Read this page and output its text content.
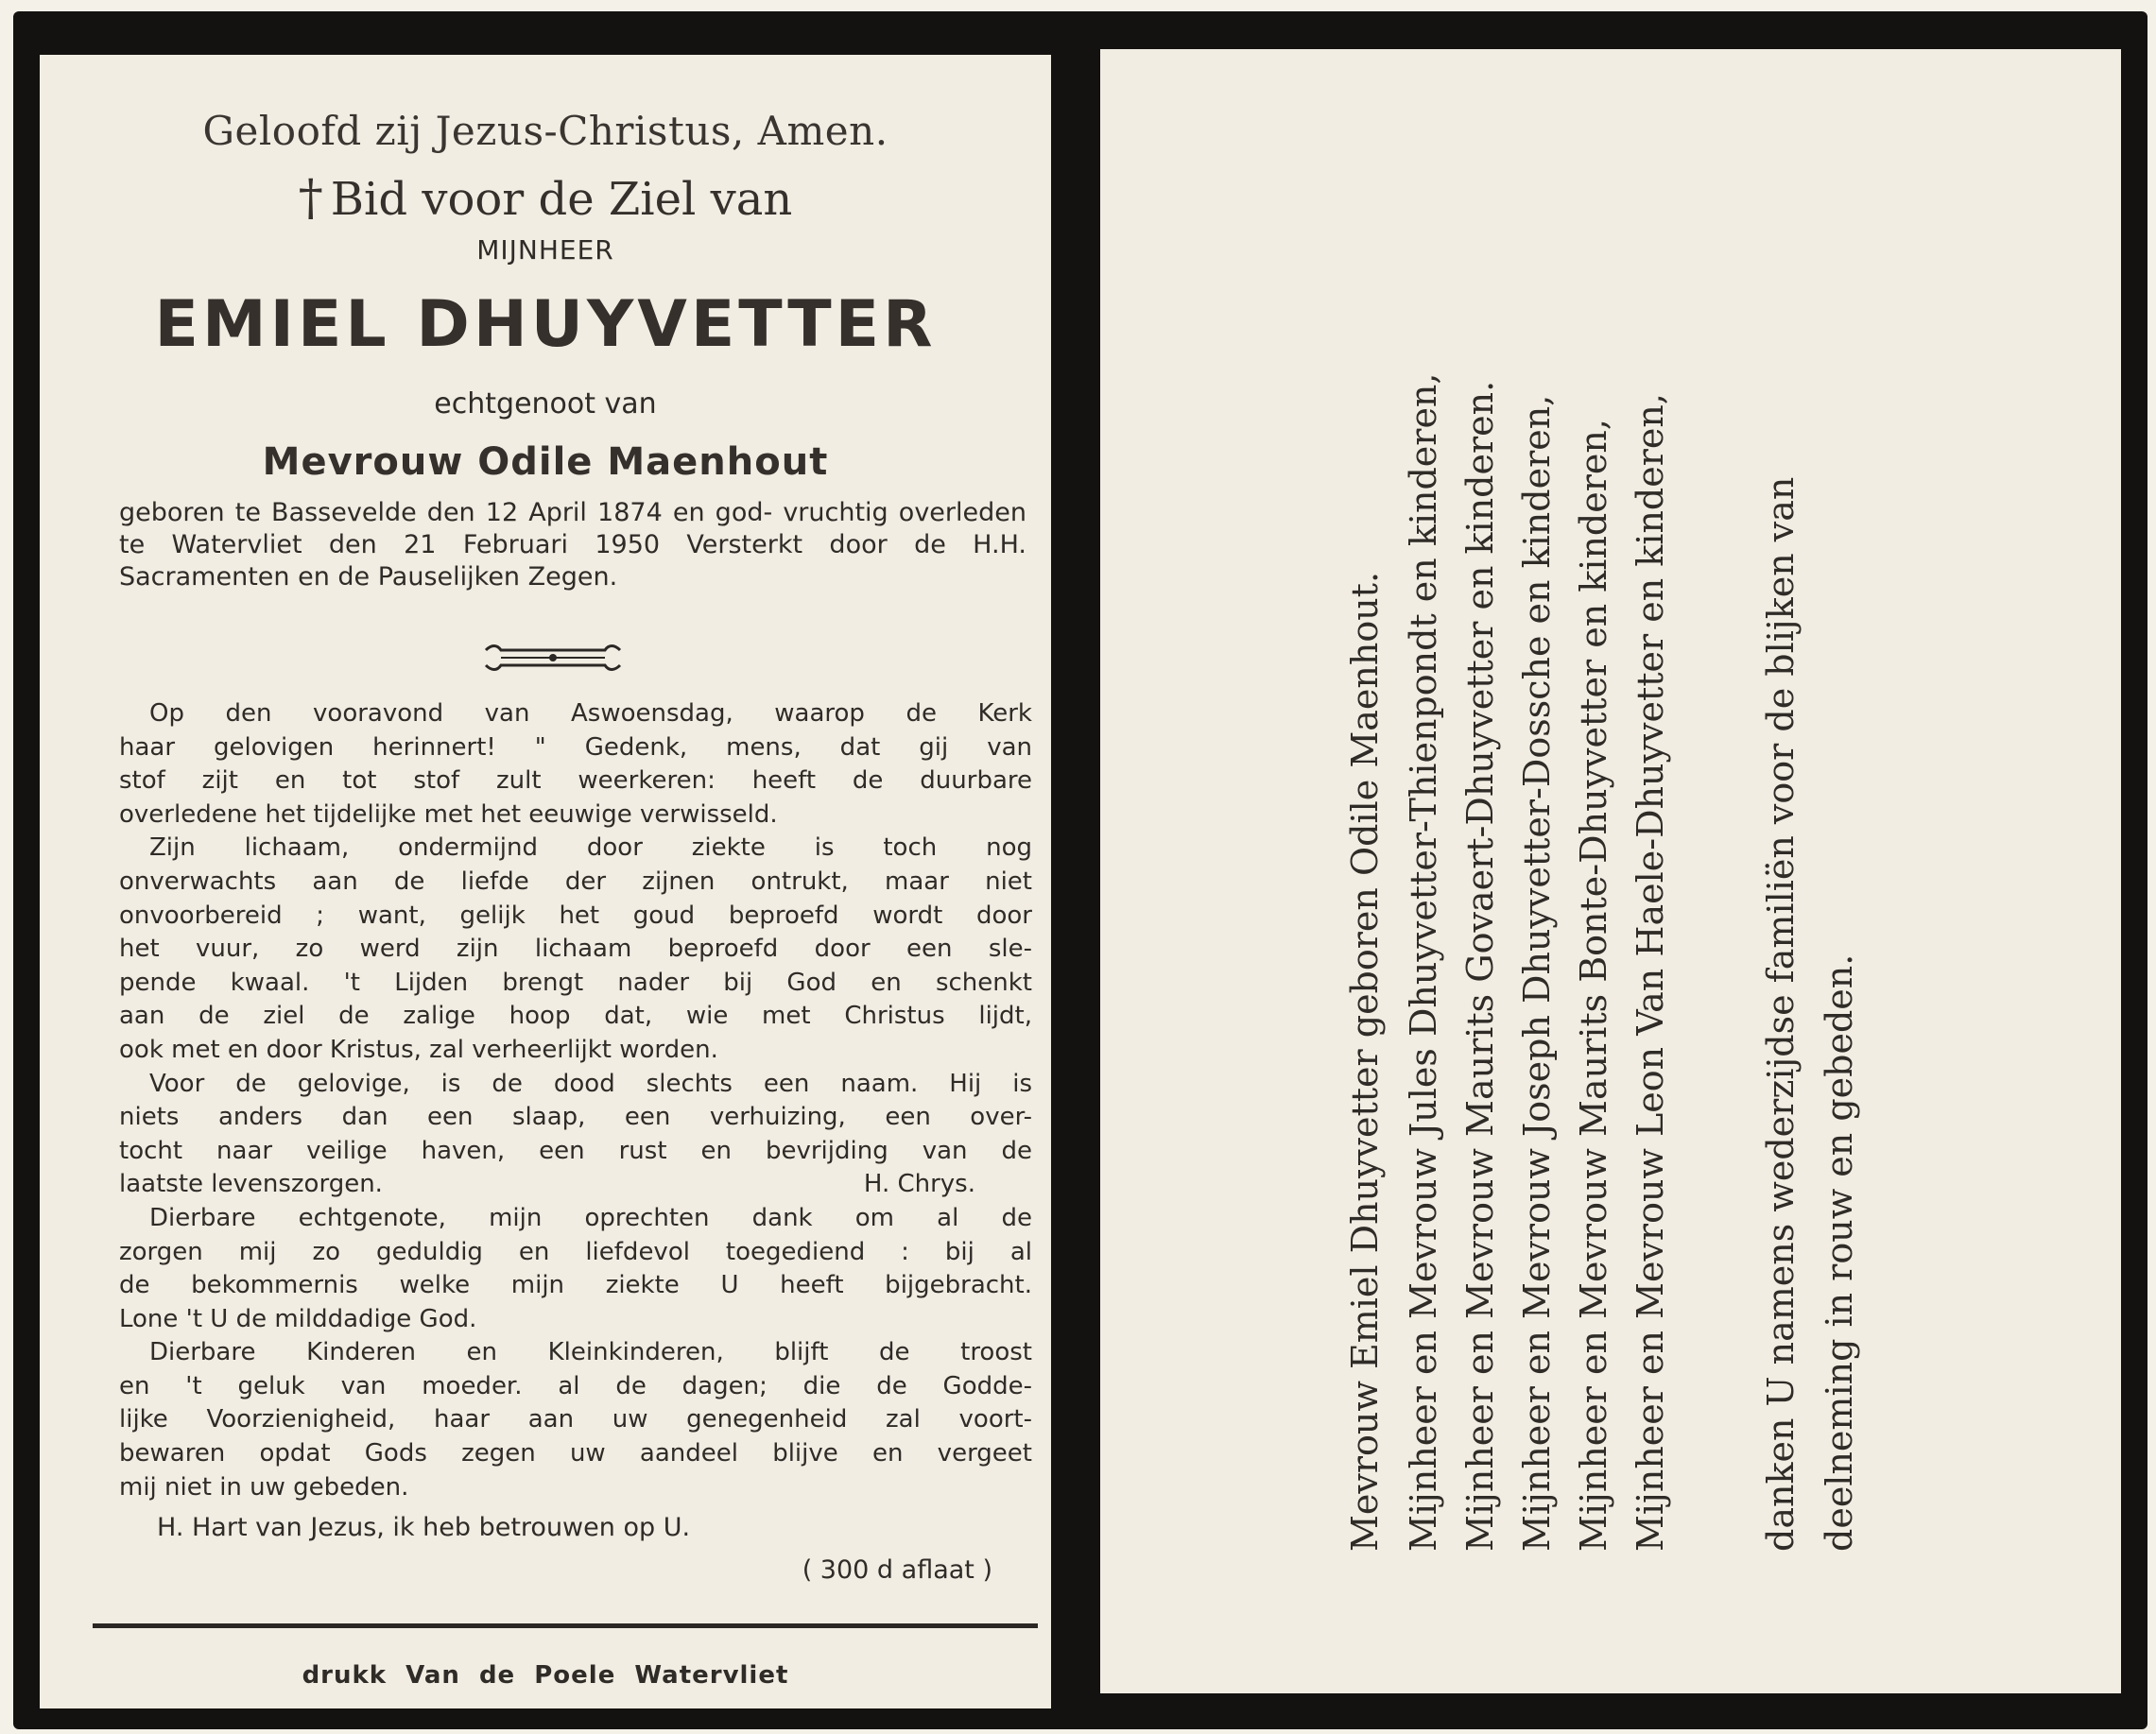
Geloofd zij Jezus-Christus, Amen.
† Bid voor de Ziel van
MIJNHEER
EMIEL DHUYVETTER
echtgenoot van
Mevrouw Odile Maenhout
geboren te Bassevelde den 12 April 1874 en god- vruchtig overleden te Watervliet den 21 Februari 1950 Versterkt door de H.H. Sacramenten en de Pauselijken Zegen.

Op den vooravond van Aswoensdag, waarop de Kerk

haar gelovigen herinnert! " Gedenk, mens, dat gij van

stof zijt en tot stof zult weerkeren: heeft de duurbare

overledene het tijdelijke met het eeuwige verwisseld.

Zijn lichaam, ondermijnd door ziekte is toch nog

onverwachts aan de liefde der zijnen ontrukt, maar niet

onvoorbereid ; want, gelijk het goud beproefd wordt door

het vuur, zo werd zijn lichaam beproefd door een sle-

pende kwaal. 't Lijden brengt nader bij God en schenkt

aan de ziel de zalige hoop dat, wie met Christus lijdt,

ook met en door Kristus, zal verheerlijkt worden.

Voor de gelovige, is de dood slechts een naam. Hij is

niets anders dan een slaap, een verhuizing, een over-

tocht naar veilige haven, een rust en bevrijding van de

laatste levenszorgen.	H. Chrys.

Dierbare echtgenote, mijn oprechten dank om al de

zorgen mij zo geduldig en liefdevol toegediend : bij al

de bekommernis welke mijn ziekte U heeft bijgebracht.

Lone 't U de milddadige God.

Dierbare Kinderen en Kleinkinderen, blijft de troost

en 't geluk van moeder. al de dagen; die de Godde-

lijke Voorzienigheid, haar aan uw genegenheid zal voort-

bewaren opdat Gods zegen uw aandeel blijve en vergeet

mij niet in uw gebeden.

H. Hart van Jezus, ik heb betrouwen op U.
( 300 d aflaat )
drukk Van de Poele Watervliet
Mevrouw Emiel Dhuyvetter geboren Odile Maenhout. Mijnheer en Mevrouw Jules Dhuyvetter-Thienpondt en kinderen, Mijnheer en Mevrouw Maurits Govaert-Dhuyvetter en kinderen. Mijnheer en Mevrouw Joseph Dhuyvetter-Dossche en kinderen, Mijnheer en Mevrouw Maurits Bonte-Dhuyvetter en kinderen, Mijnheer en Mevrouw Leon Van Haele-Dhuyvetter en kinderen, danken U namens wederzijdse familiën voor de blijken van deelneming in rouw en gebeden.
